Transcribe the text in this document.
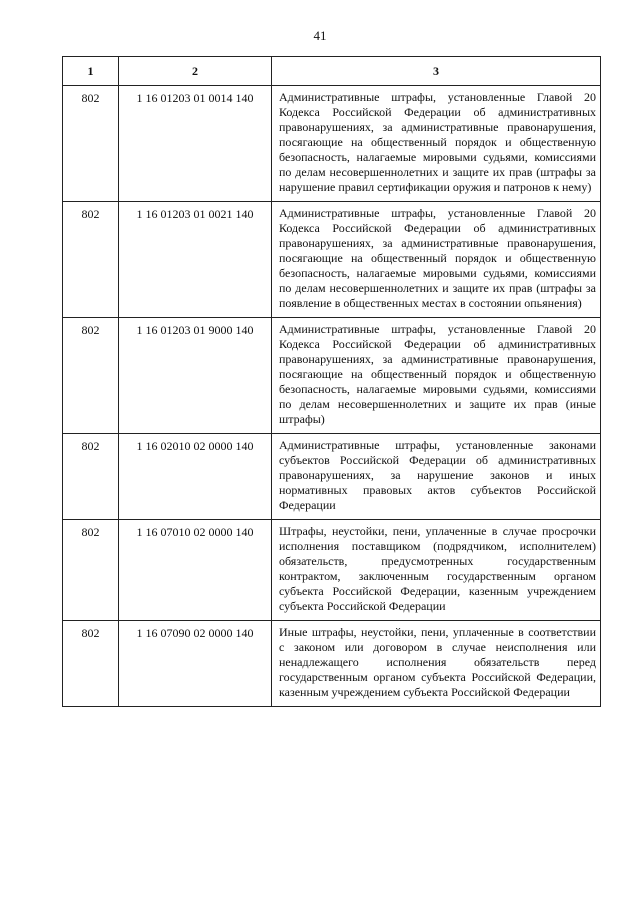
41
1	2	3
802	1 16 01203 01 0014 140	Административные штрафы, установленные Главой 20 Кодекса Российской Федерации об административных правонарушениях, за административные правонарушения, посягающие на общественный порядок и общественную безопасность, налагаемые мировыми судьями, комиссиями по делам несовершеннолетних и защите их прав (штрафы за нарушение правил сертификации оружия и патронов к нему)
802	1 16 01203 01 0021 140	Административные штрафы, установленные Главой 20 Кодекса Российской Федерации об административных правонарушениях, за административные правонарушения, посягающие на общественный порядок и общественную безопасность, налагаемые мировыми судьями, комиссиями по делам несовершеннолетних и защите их прав (штрафы за появление в общественных местах в состоянии опьянения)
802	1 16 01203 01 9000 140	Административные штрафы, установленные Главой 20 Кодекса Российской Федерации об административных правонарушениях, за административные правонарушения, посягающие на общественный порядок и общественную безопасность, налагаемые мировыми судьями, комиссиями по делам несовершеннолетних и защите их прав (иные штрафы)
802	1 16 02010 02 0000 140	Административные штрафы, установленные законами субъектов Российской Федерации об административных правонарушениях, за нарушение законов и иных нормативных правовых актов субъектов Российской Федерации
802	1 16 07010 02 0000 140	Штрафы, неустойки, пени, уплаченные в случае просрочки исполнения поставщиком (подрядчиком, исполнителем) обязательств, предусмотренных государственным контрактом, заключенным государственным органом субъекта Российской Федерации, казенным учреждением субъекта Российской Федерации
802	1 16 07090 02 0000 140	Иные штрафы, неустойки, пени, уплаченные в соответствии с законом или договором в случае неисполнения или ненадлежащего исполнения обязательств перед государственным органом субъекта Российской Федерации, казенным учреждением субъекта Российской Федерации
